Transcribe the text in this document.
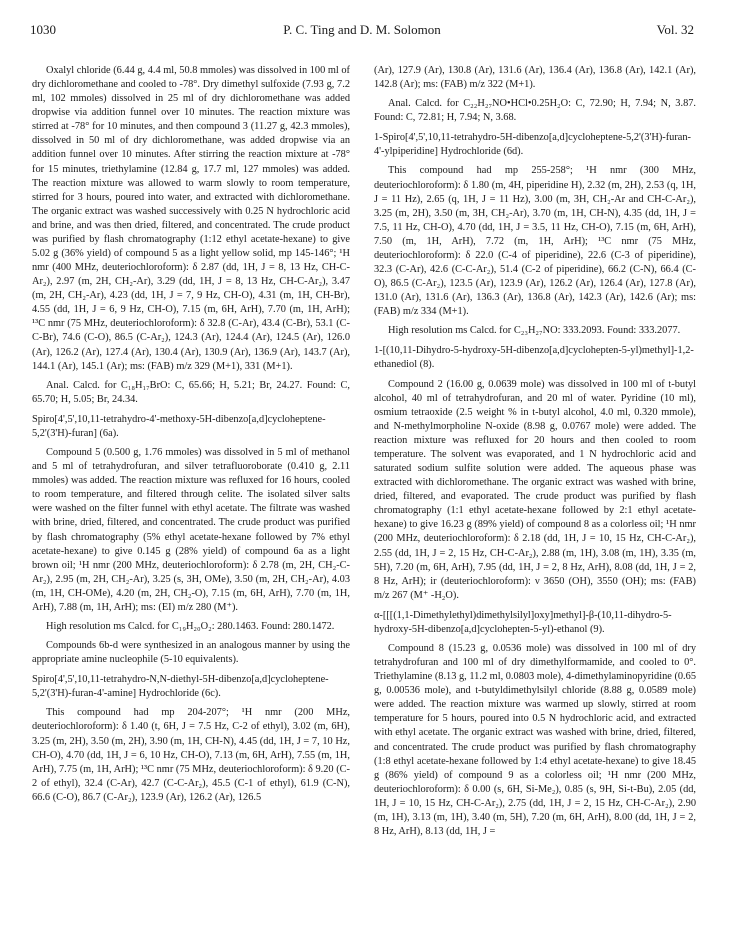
1030	P. C. Ting and D. M. Solomon	Vol. 32

Oxalyl chloride (6.44 g, 4.4 ml, 50.8 mmoles) was dissolved in 100 ml of dry dichloromethane and cooled to -78°. Dry dimethyl sulfoxide (7.93 g, 7.2 ml, 102 mmoles) dissolved in 25 ml of dry dichloromethane was added dropwise via addition funnel over 10 minutes. The reaction mixture was stirred at -78° for 10 minutes, and then compound 3 (11.27 g, 42.3 mmoles), dissolved in 50 ml of dry dichloromethane, was added dropwise via an addition funnel over 10 minutes. After stirring the reaction mixture at -78° for 15 minutes, triethylamine (12.84 g, 17.7 ml, 127 mmoles) was added. The reaction mixture was allowed to warm slowly to room temperature, stirred for 3 hours, poured into water, and extracted with dichloromethane. The organic extract was washed successively with 0.25 N hydrochloric acid and brine, and was then dried, filtered, and concentrated. The crude product was purified by flash chromatography (1:12 ethyl acetate-hexane) to give 5.02 g (36% yield) of compound 5 as a light yellow solid, mp 145-146°; ¹H nmr (400 MHz, deuteriochloroform): δ 2.87 (dd, 1H, J = 8, 13 Hz, CH-C-Ar₂), 2.97 (m, 2H, CH₂-Ar), 3.29 (dd, 1H, J = 8, 13 Hz, CH-C-Ar₂), 3.47 (m, 2H, CH₂-Ar), 4.23 (dd, 1H, J = 7, 9 Hz, CH-O), 4.31 (m, 1H, CH-Br), 4.55 (dd, 1H, J = 6, 9 Hz, CH-O), 7.15 (m, 6H, ArH), 7.70 (m, 1H, ArH); ¹³C nmr (75 MHz, deuteriochloroform): δ 32.8 (C-Ar), 43.4 (C-Br), 53.1 (C-C-Br), 74.6 (C-O), 86.5 (C-Ar₂), 124.3 (Ar), 124.4 (Ar), 124.5 (Ar), 126.0 (Ar), 126.2 (Ar), 127.4 (Ar), 130.4 (Ar), 130.9 (Ar), 136.9 (Ar), 143.7 (Ar), 144.1 (Ar), 145.1 (Ar); ms: (FAB) m/z 329 (M+1), 331 (M+1).

Anal. Calcd. for C₁₈H₁₇BrO: C, 65.66; H, 5.21; Br, 24.27. Found: C, 65.70; H, 5.05; Br, 24.34.

Spiro[4',5',10,11-tetrahydro-4'-methoxy-5H-dibenzo[a,d]cycloheptene-5,2'(3'H)-furan] (6a).

Compound 5 (0.500 g, 1.76 mmoles) was dissolved in 5 ml of methanol and 5 ml of tetrahydrofuran, and silver tetrafluoroborate (0.410 g, 2.11 mmoles) was added. The reaction mixture was refluxed for 16 hours, cooled to room temperature, and filtered through celite. The isolated silver salts were washed on the filter funnel with ethyl acetate. The filtrate was washed with brine, dried, filtered, and concentrated. The crude product was purified by flash chromatography (5% ethyl acetate-hexane followed by 7% ethyl acetate-hexane) to give 0.145 g (28% yield) of compound 6a as a light brown oil; ¹H nmr (200 MHz, deuteriochloroform): δ 2.78 (m, 2H, CH₂-C-Ar₂), 2.95 (m, 2H, CH₂-Ar), 3.25 (s, 3H, OMe), 3.50 (m, 2H, CH₂-Ar), 4.03 (m, 1H, CH-OMe), 4.20 (m, 2H, CH₂-O), 7.15 (m, 6H, ArH), 7.70 (m, 1H, ArH), 7.88 (m, 1H, ArH); ms: (EI) m/z 280 (M⁺).

High resolution ms Calcd. for C₁₉H₂₀O₂: 280.1463. Found: 280.1472.

Compounds 6b-d were synthesized in an analogous manner by using the appropriate amine nucleophile (5-10 equivalents).

Spiro[4',5',10,11-tetrahydro-N,N-diethyl-5H-dibenzo[a,d]cycloheptene-5,2'(3'H)-furan-4'-amine] Hydrochloride (6c).

This compound had mp 204-207°; ¹H nmr (200 MHz, deuteriochloroform): δ 1.40 (t, 6H, J = 7.5 Hz, C-2 of ethyl), 3.02 (m, 6H), 3.25 (m, 2H), 3.50 (m, 2H), 3.90 (m, 1H, CH-N), 4.45 (dd, 1H, J = 7, 10 Hz, CH-O), 4.70 (dd, 1H, J = 6, 10 Hz, CH-O), 7.13 (m, 6H, ArH), 7.55 (m, 1H, ArH), 7.75 (m, 1H, ArH); ¹³C nmr (75 MHz, deuteriochloroform): δ 9.20 (C-2 of ethyl), 32.4 (C-Ar), 42.7 (C-C-Ar₂), 45.5 (C-1 of ethyl), 61.9 (C-N), 66.6 (C-O), 86.7 (C-Ar₂), 123.9 (Ar), 126.2 (Ar), 126.5

(Ar), 127.9 (Ar), 130.8 (Ar), 131.6 (Ar), 136.4 (Ar), 136.8 (Ar), 142.1 (Ar), 142.8 (Ar); ms: (FAB) m/z 322 (M+1).

Anal. Calcd. for C₂₂H₂₇NO•HCl•0.25H₂O: C, 72.90; H, 7.94; N, 3.87. Found: C, 72.81; H, 7.94; N, 3.68.

1-Spiro[4',5',10,11-tetrahydro-5H-dibenzo[a,d]cycloheptene-5,2'(3'H)-furan-4'-ylpiperidine] Hydrochloride (6d).

This compound had mp 255-258°; ¹H nmr (300 MHz, deuteriochloroform): δ 1.80 (m, 4H, piperidine H), 2.32 (m, 2H), 2.53 (q, 1H, J = 11 Hz), 2.65 (q, 1H, J = 11 Hz), 3.00 (m, 3H, CH₂-Ar and CH-C-Ar₂), 3.25 (m, 2H), 3.50 (m, 3H, CH₂-Ar), 3.70 (m, 1H, CH-N), 4.35 (dd, 1H, J = 7.5, 11 Hz, CH-O), 4.70 (dd, 1H, J = 3.5, 11 Hz, CH-O), 7.15 (m, 6H, ArH), 7.50 (m, 1H, ArH), 7.72 (m, 1H, ArH); ¹³C nmr (75 MHz, deuteriochloroform): δ 22.0 (C-4 of piperidine), 22.6 (C-3 of piperidine), 32.3 (C-Ar), 42.6 (C-C-Ar₂), 51.4 (C-2 of piperidine), 66.2 (C-N), 66.4 (C-O), 86.5 (C-Ar₂), 123.5 (Ar), 123.9 (Ar), 126.2 (Ar), 126.4 (Ar), 127.8 (Ar), 131.0 (Ar), 131.6 (Ar), 136.3 (Ar), 136.8 (Ar), 142.3 (Ar), 142.6 (Ar); ms: (FAB) m/z 334 (M+1).

High resolution ms Calcd. for C₂₃H₂₇NO: 333.2093. Found: 333.2077.

1-[(10,11-Dihydro-5-hydroxy-5H-dibenzo[a,d]cyclohepten-5-yl)methyl]-1,2-ethanediol (8).

Compound 2 (16.00 g, 0.0639 mole) was dissolved in 100 ml of t-butyl alcohol, 40 ml of tetrahydrofuran, and 20 ml of water. Pyridine (10 ml), osmium tetraoxide (2.5 weight % in t-butyl alcohol, 4.0 ml, 0.320 mmole), and N-methylmorpholine N-oxide (8.98 g, 0.0767 mole) were added. The reaction mixture was refluxed for 20 hours and then cooled to room temperature. The solvent was evaporated, and 1 N hydrochloric acid and saturated sodium sulfite solution were added. The aqueous phase was extracted with dichloromethane. The organic extract was washed with brine, dried, filtered, and evaporated. The crude product was purified by flash chromatography (1:1 ethyl acetate-hexane followed by 2:1 ethyl acetate-hexane) to give 16.23 g (89% yield) of compound 8 as a colorless oil; ¹H nmr (200 MHz, deuteriochloroform): δ 2.18 (dd, 1H, J = 10, 15 Hz, CH-C-Ar₂), 2.55 (dd, 1H, J = 2, 15 Hz, CH-C-Ar₂), 2.88 (m, 1H), 3.08 (m, 1H), 3.35 (m, 5H), 7.20 (m, 6H, ArH), 7.95 (dd, 1H, J = 2, 8 Hz, ArH), 8.08 (dd, 1H, J = 2, 8 Hz, ArH); ir (deuteriochloroform): ν 3650 (OH), 3550 (OH); ms: (FAB) m/z 267 (M⁺ -H₂O).

α-[[[(1,1-Dimethylethyl)dimethylsilyl]oxy]methyl]-β-(10,11-dihydro-5-hydroxy-5H-dibenzo[a,d]cyclohepten-5-yl)-ethanol (9).

Compound 8 (15.23 g, 0.0536 mole) was dissolved in 100 ml of dry tetrahydrofuran and 100 ml of dry dimethylformamide, and cooled to 0°. Triethylamine (8.13 g, 11.2 ml, 0.0803 mole), 4-dimethylaminopyridine (0.65 g, 0.00536 mole), and t-butyldimethylsilyl chloride (8.88 g, 0.0589 mole) were added. The reaction mixture was warmed up slowly, stirred at room temperature for 5 hours, poured into 0.5 N hydrochloric acid, and extracted with ethyl acetate. The organic extract was washed with brine, dried, filtered, and concentrated. The crude product was purified by flash chromatography (1:8 ethyl acetate-hexane followed by 1:4 ethyl acetate-hexane) to give 18.45 g (86% yield) of compound 9 as a colorless oil; ¹H nmr (200 MHz, deuteriochloroform): δ 0.00 (s, 6H, Si-Me₂), 0.85 (s, 9H, Si-t-Bu), 2.05 (dd, 1H, J = 10, 15 Hz, CH-C-Ar₂), 2.75 (dd, 1H, J = 2, 15 Hz, CH-C-Ar₂), 2.90 (m, 1H), 3.13 (m, 1H), 3.40 (m, 5H), 7.20 (m, 6H, ArH), 8.00 (dd, 1H, J = 2, 8 Hz, ArH), 8.13 (dd, 1H, J =
